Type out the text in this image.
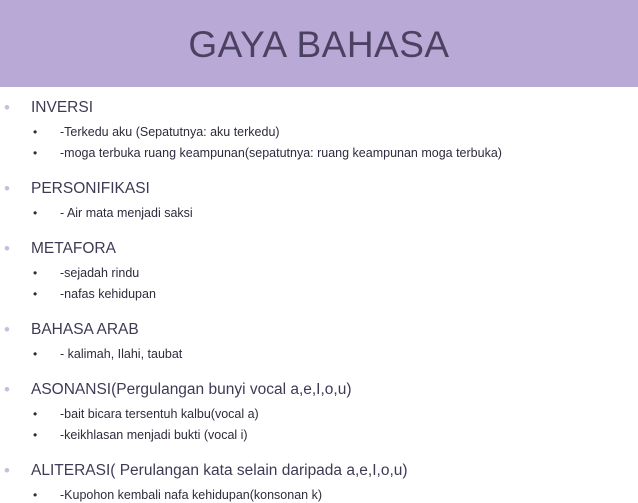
GAYA BAHASA
• INVERSI
• -Terkedu aku (Sepatutnya: aku terkedu)
• -moga terbuka ruang keampunan(sepatutnya: ruang keampunan moga terbuka)
• PERSONIFIKASI
• - Air mata menjadi saksi
• METAFORA
• -sejadah rindu
• -nafas kehidupan
• BAHASA ARAB
• - kalimah, Ilahi, taubat
• ASONANSI(Pergulangan bunyi vocal a,e,I,o,u)
• -bait bicara tersentuh kalbu(vocal a)
• -keikhlasan menjadi bukti (vocal i)
• ALITERASI( Perulangan kata selain daripada a,e,I,o,u)
• -Kupohon kembali nafa kehidupan(konsonan k)
